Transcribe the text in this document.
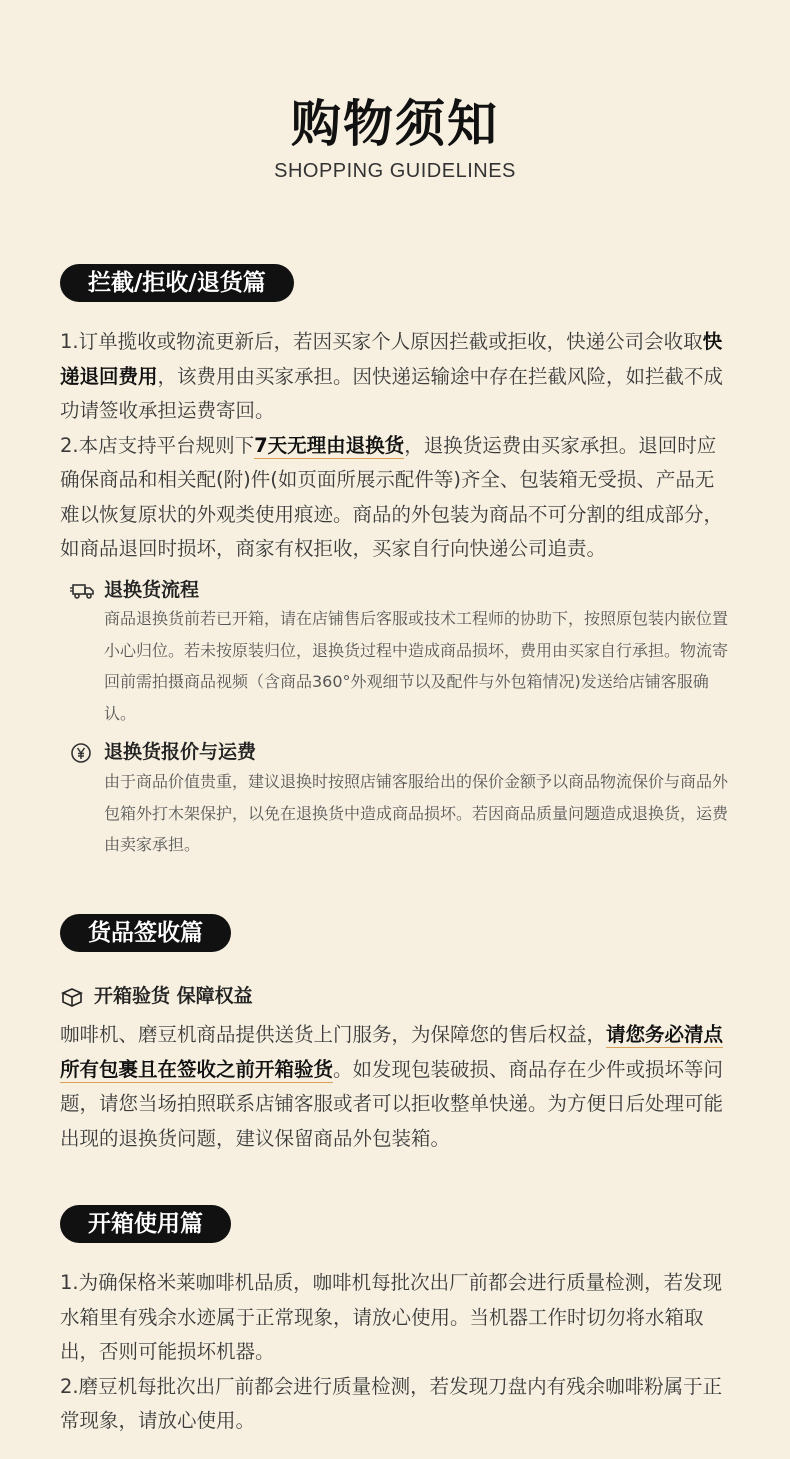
购物须知
SHOPPING GUIDELINES
拦截/拒收/退货篇

1.订单揽收或物流更新后，若因买家个人原因拦截或拒收，快递公司会收取快递退回费用，该费用由买家承担。因快递运输途中存在拦截风险，如拦截不成功请签收承担运费寄回。

2.本店支持平台规则下7天无理由退换货，退换货运费由买家承担。退回时应确保商品和相关配(附)件(如页面所展示配件等)齐全、包装箱无受损、产品无难以恢复原状的外观类使用痕迹。商品的外包装为商品不可分割的组成部分，如商品退回时损坏，商家有权拒收，买家自行向快递公司追责。

退换货流程

商品退换货前若已开箱，请在店铺售后客服或技术工程师的协助下，按照原包装内嵌位置小心归位。若未按原装归位，退换货过程中造成商品损坏，费用由买家自行承担。物流寄回前需拍摄商品视频（含商品360°外观细节以及配件与外包箱情况)发送给店铺客服确认。

退换货报价与运费

由于商品价值贵重，建议退换时按照店铺客服给出的保价金额予以商品物流保价与商品外包箱外打木架保护，以免在退换货中造成商品损坏。若因商品质量问题造成退换货，运费由卖家承担。

货品签收篇
开箱验货 保障权益

咖啡机、磨豆机商品提供送货上门服务，为保障您的售后权益，请您务必清点所有包裹且在签收之前开箱验货。如发现包装破损、商品存在少件或损坏等问题，请您当场拍照联系店铺客服或者可以拒收整单快递。为方便日后处理可能出现的退换货问题，建议保留商品外包装箱。

开箱使用篇

1.为确保格米莱咖啡机品质，咖啡机每批次出厂前都会进行质量检测，若发现水箱里有残余水迹属于正常现象，请放心使用。当机器工作时切勿将水箱取出，否则可能损坏机器。

2.磨豆机每批次出厂前都会进行质量检测，若发现刀盘内有残余咖啡粉属于正常现象，请放心使用。
